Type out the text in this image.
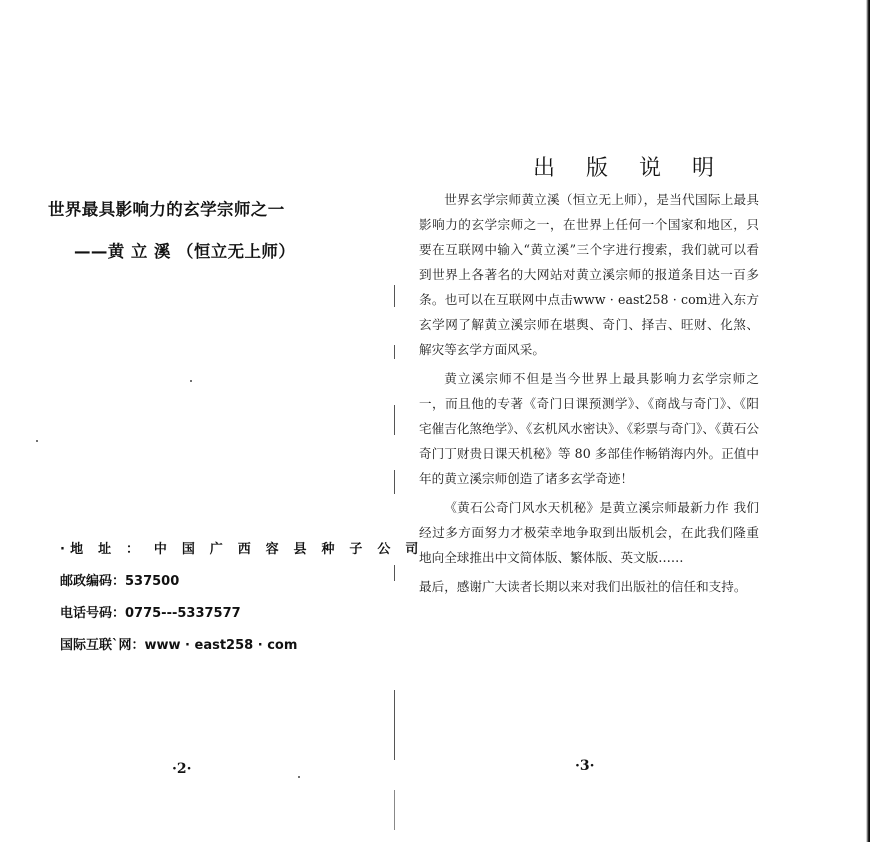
世界最具影响力的玄学宗师之一
——黄 立 溪 （恒立无上师）
·地 址 ： 中 国 广 西 容 县 种 子 公 司
邮政编码：537500
电话号码：0775---5337577
国际互联`网：www · east258 · com

·2·

出 版 说 明

世界玄学宗师黄立溪（恒立无上师），是当代国际上最具影响力的玄学宗师之一，在世界上任何一个国家和地区，只要在互联网中输入“黄立溪”三个字进行搜索，我们就可以看到世界上各著名的大网站对黄立溪宗师的报道条目达一百多条。也可以在互联网中点击www · east258 · com进入东方玄学网了解黄立溪宗师在堪舆、奇门、择吉、旺财、化煞、解灾等玄学方面风采。

黄立溪宗师不但是当今世界上最具影响力玄学宗师之一，而且他的专著《奇门日课预测学》、《商战与奇门》、《阳宅催吉化煞绝学》、《玄机风水密诀》、《彩票与奇门》、《黄石公奇门丁财贵日课天机秘》等 80 多部佳作畅销海内外。正值中年的黄立溪宗师创造了诸多玄学奇迹！

《黄石公奇门风水天机秘》是黄立溪宗师最新力作 我们经过多方面努力才极荣幸地争取到出版机会，在此我们隆重地向全球推出中文简体版、繁体版、英文版……

最后，感谢广大读者长期以来对我们出版社的信任和支持。

·3·
